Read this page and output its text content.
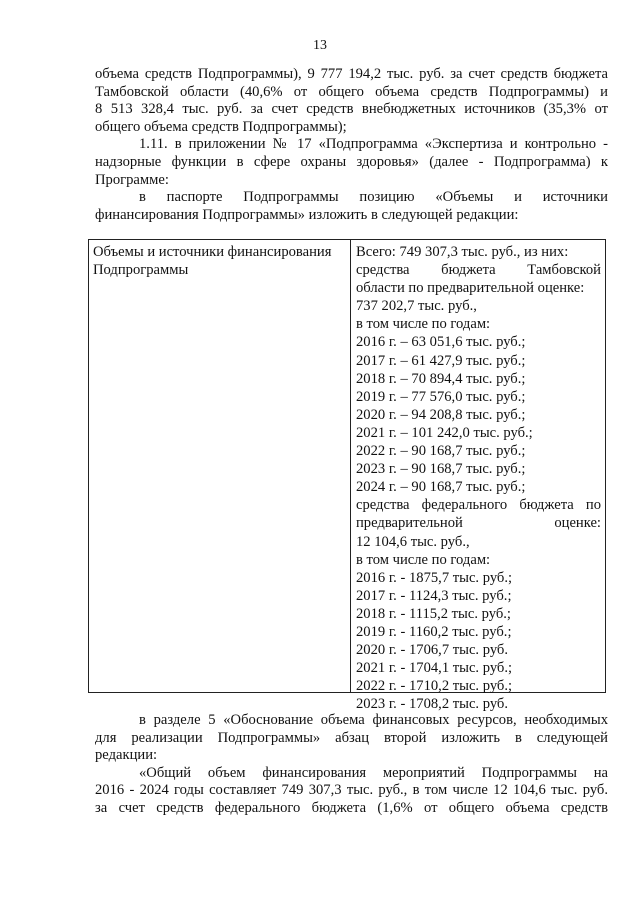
13
объема средств Подпрограммы), 9 777 194,2 тыс. руб. за счет средств бюджета
Тамбовской области (40,6% от общего объема средств Подпрограммы) и
8 513 328,4 тыс. руб. за счет средств внебюджетных источников (35,3% от
общего объема средств Подпрограммы);
1.11. в приложении № 17 «Подпрограмма «Экспертиза и контрольно -
надзорные функции в сфере охраны здоровья» (далее - Подпрограмма) к
Программе:
в паспорте Подпрограммы позицию «Объемы и источники
финансирования Подпрограммы» изложить в следующей редакции:
Объемы и источники финансирования
Подпрограммы
Всего: 749 307,3 тыс. руб., из них:
средства бюджета Тамбовской
области по предварительной оценке:
737 202,7 тыс. руб.,
в том числе по годам:
2016 г. – 63 051,6 тыс. руб.;
2017 г. – 61 427,9 тыс. руб.;
2018 г. – 70 894,4 тыс. руб.;
2019 г. – 77 576,0 тыс. руб.;
2020 г. – 94 208,8 тыс. руб.;
2021 г. – 101 242,0 тыс. руб.;
2022 г. – 90 168,7 тыс. руб.;
2023 г. – 90 168,7 тыс. руб.;
2024 г. – 90 168,7 тыс. руб.;
средства федерального бюджета по
предварительной оценке:
12 104,6 тыс. руб.,
в том числе по годам:
2016 г. - 1875,7 тыс. руб.;
2017 г. - 1124,3 тыс. руб.;
2018 г. - 1115,2 тыс. руб.;
2019 г. - 1160,2 тыс. руб.;
2020 г. - 1706,7 тыс. руб.
2021 г. - 1704,1 тыс. руб.;
2022 г. - 1710,2 тыс. руб.;
2023 г. - 1708,2 тыс. руб.
в разделе 5 «Обоснование объема финансовых ресурсов, необходимых
для реализации Подпрограммы» абзац второй изложить в следующей
редакции:
«Общий объем финансирования мероприятий Подпрограммы на
2016 - 2024 годы составляет 749 307,3 тыс. руб., в том числе 12 104,6 тыс. руб.
за счет средств федерального бюджета (1,6% от общего объема средств
